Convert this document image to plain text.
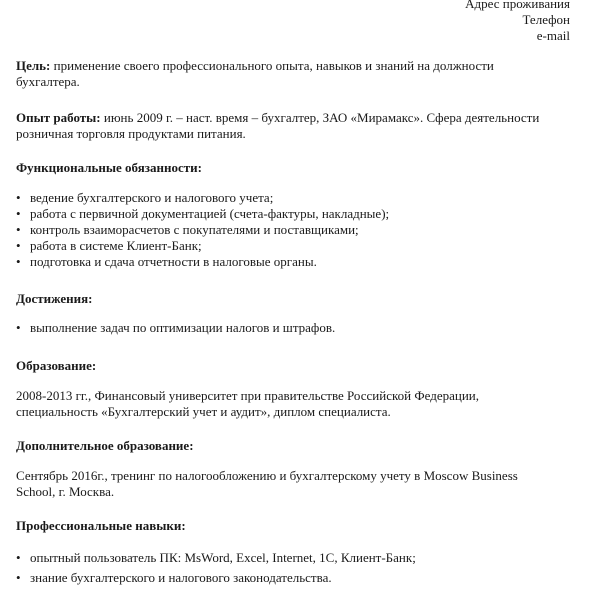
Адрес проживания
Телефон
e-mail

Цель: применение своего профессионального опыта, навыков и знаний на должности бухгалтера.

Опыт работы: июнь 2009 г. – наст. время – бухгалтер, ЗАО «Мирамакс». Сфера деятельности розничная торговля продуктами питания.

Функциональные обязанности:
• ведение бухгалтерского и налогового учета;
• работа с первичной документацией (счета-фактуры, накладные);
• контроль взаиморасчетов с покупателями и поставщиками;
• работа в системе Клиент-Банк;
• подготовка и сдача отчетности в налоговые органы.
Достижения:
• выполнение задач по оптимизации налогов и штрафов.
Образование:

2008-2013 гг., Финансовый университет при правительстве Российской Федерации, специальность «Бухгалтерский учет и аудит», диплом специалиста.

Дополнительное образование:

Сентябрь 2016г., тренинг по налогообложению и бухгалтерскому учету в Moscow Business School, г. Москва.

Профессиональные навыки:
• опытный пользователь ПК: MsWord, Excel, Internet, 1С, Клиент-Банк;
• знание бухгалтерского и налогового законодательства.
